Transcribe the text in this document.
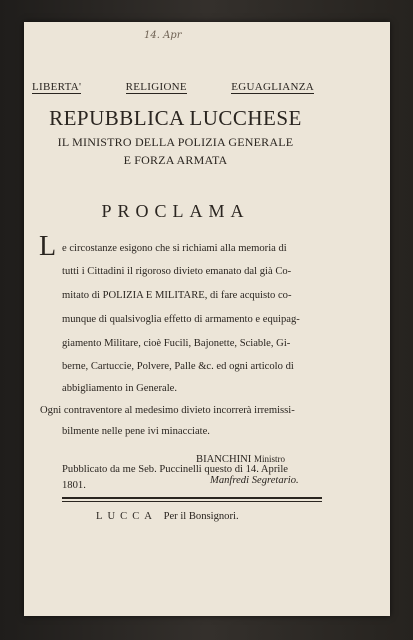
14. Apr
LIBERTA'	RELIGIONE	EGUAGLIANZA
REPUBBLICA LUCCHESE
IL MINISTRO DELLA POLIZIA GENERALE
E FORZA ARMATA
PROCLAMA
L e circostanze esigono che si richiami alla memoria di
tutti i Cittadini il rigoroso divieto emanato dal già Co-
mitato di POLIZIA E MILITARE, di fare acquisto co-
munque di qualsivoglia effetto di armamento e equipag-
giamento Militare, cioè Fucili, Bajonette, Sciable, Gi-
berne, Cartuccie, Polvere, Palle &c. ed ogni articolo di
abbigliamento in Generale.
Ogni contraventore al medesimo divieto incorrerà irremissi-
bilmente nelle pene ivi minacciate.
BIANCHINI Ministro
Manfredi Segretario.
Pubblicato da me Seb. Puccinelli questo di 14. Aprile
1801.
LUCCA Per il Bonsignori.
